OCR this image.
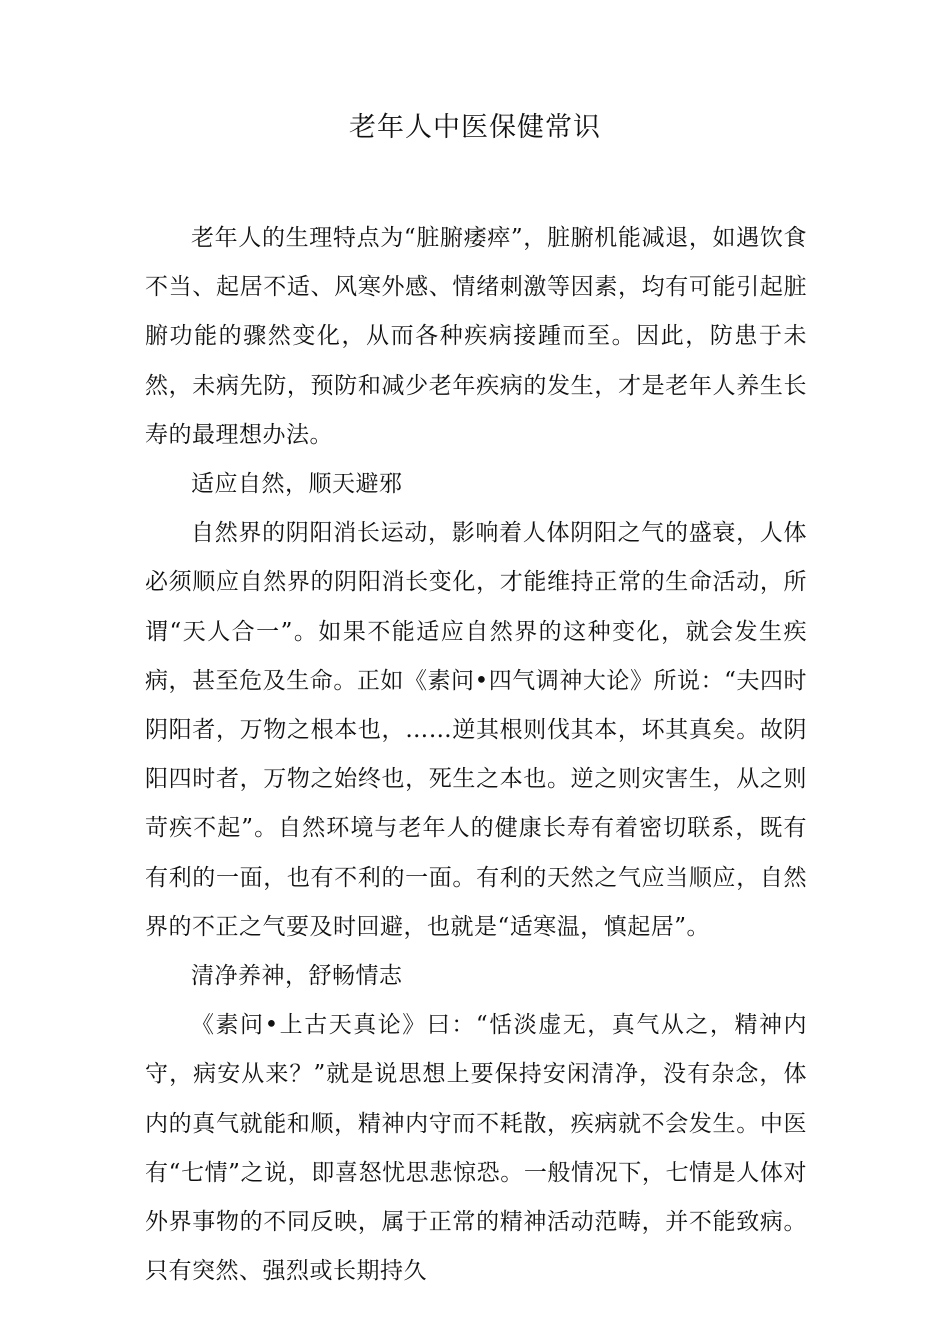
老年人中医保健常识

老年人的生理特点为“脏腑痿瘁”，脏腑机能减退，如遇饮食不当、起居不适、风寒外感、情绪刺激等因素，均有可能引起脏腑功能的骤然变化，从而各种疾病接踵而至。因此，防患于未然，未病先防，预防和减少老年疾病的发生，才是老年人养生长寿的最理想办法。

适应自然，顺天避邪

自然界的阴阳消长运动，影响着人体阴阳之气的盛衰，人体必须顺应自然界的阴阳消长变化，才能维持正常的生命活动，所谓“天人合一”。如果不能适应自然界的这种变化，就会发生疾病，甚至危及生命。正如《素问•四气调神大论》所说：“夫四时阴阳者，万物之根本也，……逆其根则伐其本，坏其真矣。故阴阳四时者，万物之始终也，死生之本也。逆之则灾害生，从之则苛疾不起”。自然环境与老年人的健康长寿有着密切联系，既有有利的一面，也有不利的一面。有利的天然之气应当顺应，自然界的不正之气要及时回避，也就是“适寒温，慎起居”。

清净养神，舒畅情志

《素问•上古天真论》曰：“恬淡虚无，真气从之，精神内守，病安从来？”就是说思想上要保持安闲清净，没有杂念，体内的真气就能和顺，精神内守而不耗散，疾病就不会发生。中医有“七情”之说，即喜怒忧思悲惊恐。一般情况下，七情是人体对外界事物的不同反映，属于正常的精神活动范畴，并不能致病。只有突然、强烈或长期持久
